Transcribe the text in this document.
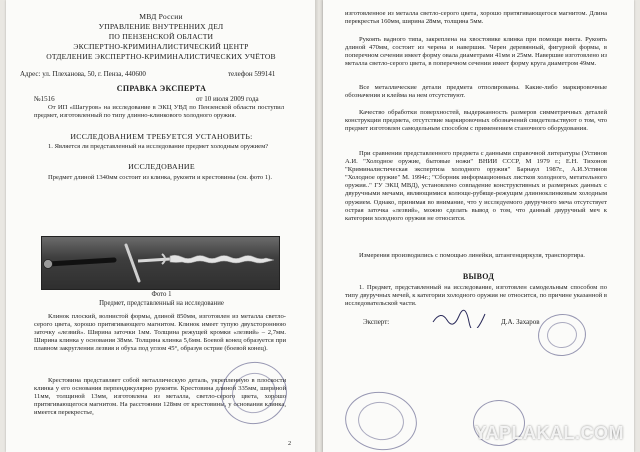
МВД России
УПРАВЛЕНИЕ ВНУТРЕННИХ ДЕЛ
ПО ПЕНЗЕНСКОЙ ОБЛАСТИ
ЭКСПЕРТНО-КРИМИНАЛИСТИЧЕСКИЙ ЦЕНТР
ОТДЕЛЕНИЕ ЭКСПЕРТНО-КРИМИНАЛИСТИЧЕСКИХ УЧЁТОВ
Адрес: ул. Плеханова, 50, г. Пенза, 440600	телефон 599141
СПРАВКА ЭКСПЕРТА
№1516	от 10 июля 2009 года
От ИП «Шагуров» на исследование в ЭКЦ УВД по Пензенской области поступил предмет, изготовленный по типу длинно-клинкового холодного оружия.
ИССЛЕДОВАНИЕМ ТРЕБУЕТСЯ УСТАНОВИТЬ:
1. Является ли представленный на исследование предмет холодным оружием?
ИССЛЕДОВАНИЕ
Предмет длиной 1340мм состоит из клинка, рукояти и крестовины (см. фото 1).
Фото 1
Предмет, представленный на исследование
Клинок плоский, волнистой формы, длиной 850мм, изготовлен из металла светло-серого цвета, хорошо притягивающего магнитом. Клинок имеет тупую двухстороннюю заточку «лезвий». Ширина заточки 1мм. Толщина режущей кромки «лезвий» – 2,7мм. Ширина клинка у основания 38мм. Толщина клинка 5,6мм. Боевой конец образуется при плавном закруглении лезвия и обуха под углом 45°, образуя острие (боевой конец).
Крестовина представляет собой металлическую деталь, укрепленную в плоскости клинка у его основания перпендикулярно рукояти. Крестовина длиной 335мм, шириной 11мм, толщиной 13мм, изготовлена из металла, светло-серого цвета, хорошо притягивающегося магнитом. На расстоянии 128мм от крестовины, у основания клинка, имеется перекрестье,
2
изготовленное из металла светло-серого цвета, хорошо притягивающегося магнитом. Длина перекрестья 160мм, ширина 28мм, толщина 5мм.
Рукоять вадного типа, закреплена на хвостовике клинка при помощи винта. Рукоять длиной 470мм, состоит из черена и навершия. Черен деревянный, фигурной формы, в поперечном сечении имеет форму овала диаметрами 41мм и 25мм. Навершие изготовлено из металла светло-серого цвета, в поперечном сечении имеет форму круга диаметром 49мм.
Все металлические детали предмета отполированы. Какие-либо маркировочные обозначения и клейма на нем отсутствуют.
Качество обработки поверхностей, выдержанность размеров симметричных деталей конструкции предмета, отсутствие маркировочных обозначений свидетельствуют о том, что предмет изготовлен самодельным способом с применением станочного оборудования.
При сравнении представленного предмета с данными справочной литературы (Устинов А.И. "Холодное оружие, бытовые ножи" ВНИИ СССР, М 1979 г.; Е.Н. Тихонов "Криминалистическая экспертиза холодного оружия" Барнаул 1987г., А.И.Устинов "Холодное оружие" М. 1994г.; "Сборник информационных листков холодного, метательного оружия.." ГУ ЭКЦ МВД), установлено совпадение конструктивных и размерных данных с двуручными мечами, являющимися колюще-рубяще-режущим длинноклинковым холодным оружием. Однако, принимая во внимание, что у исследуемого двуручного меча отсутствует острая заточка «лезвий», можно сделать вывод о том, что данный двуручный меч к категории холодного оружия не относится.
Измерения производились с помощью линейки, штангенциркуля, транспортира.
ВЫВОД
1. Предмет, представленный на исследование, изготовлен самодельным способом по типу двуручных мечей, к категории холодного оружия не относится, по причине указанной в исследовательской части.
Эксперт:	Д.А. Захаров
YAPLAKAL.COM
